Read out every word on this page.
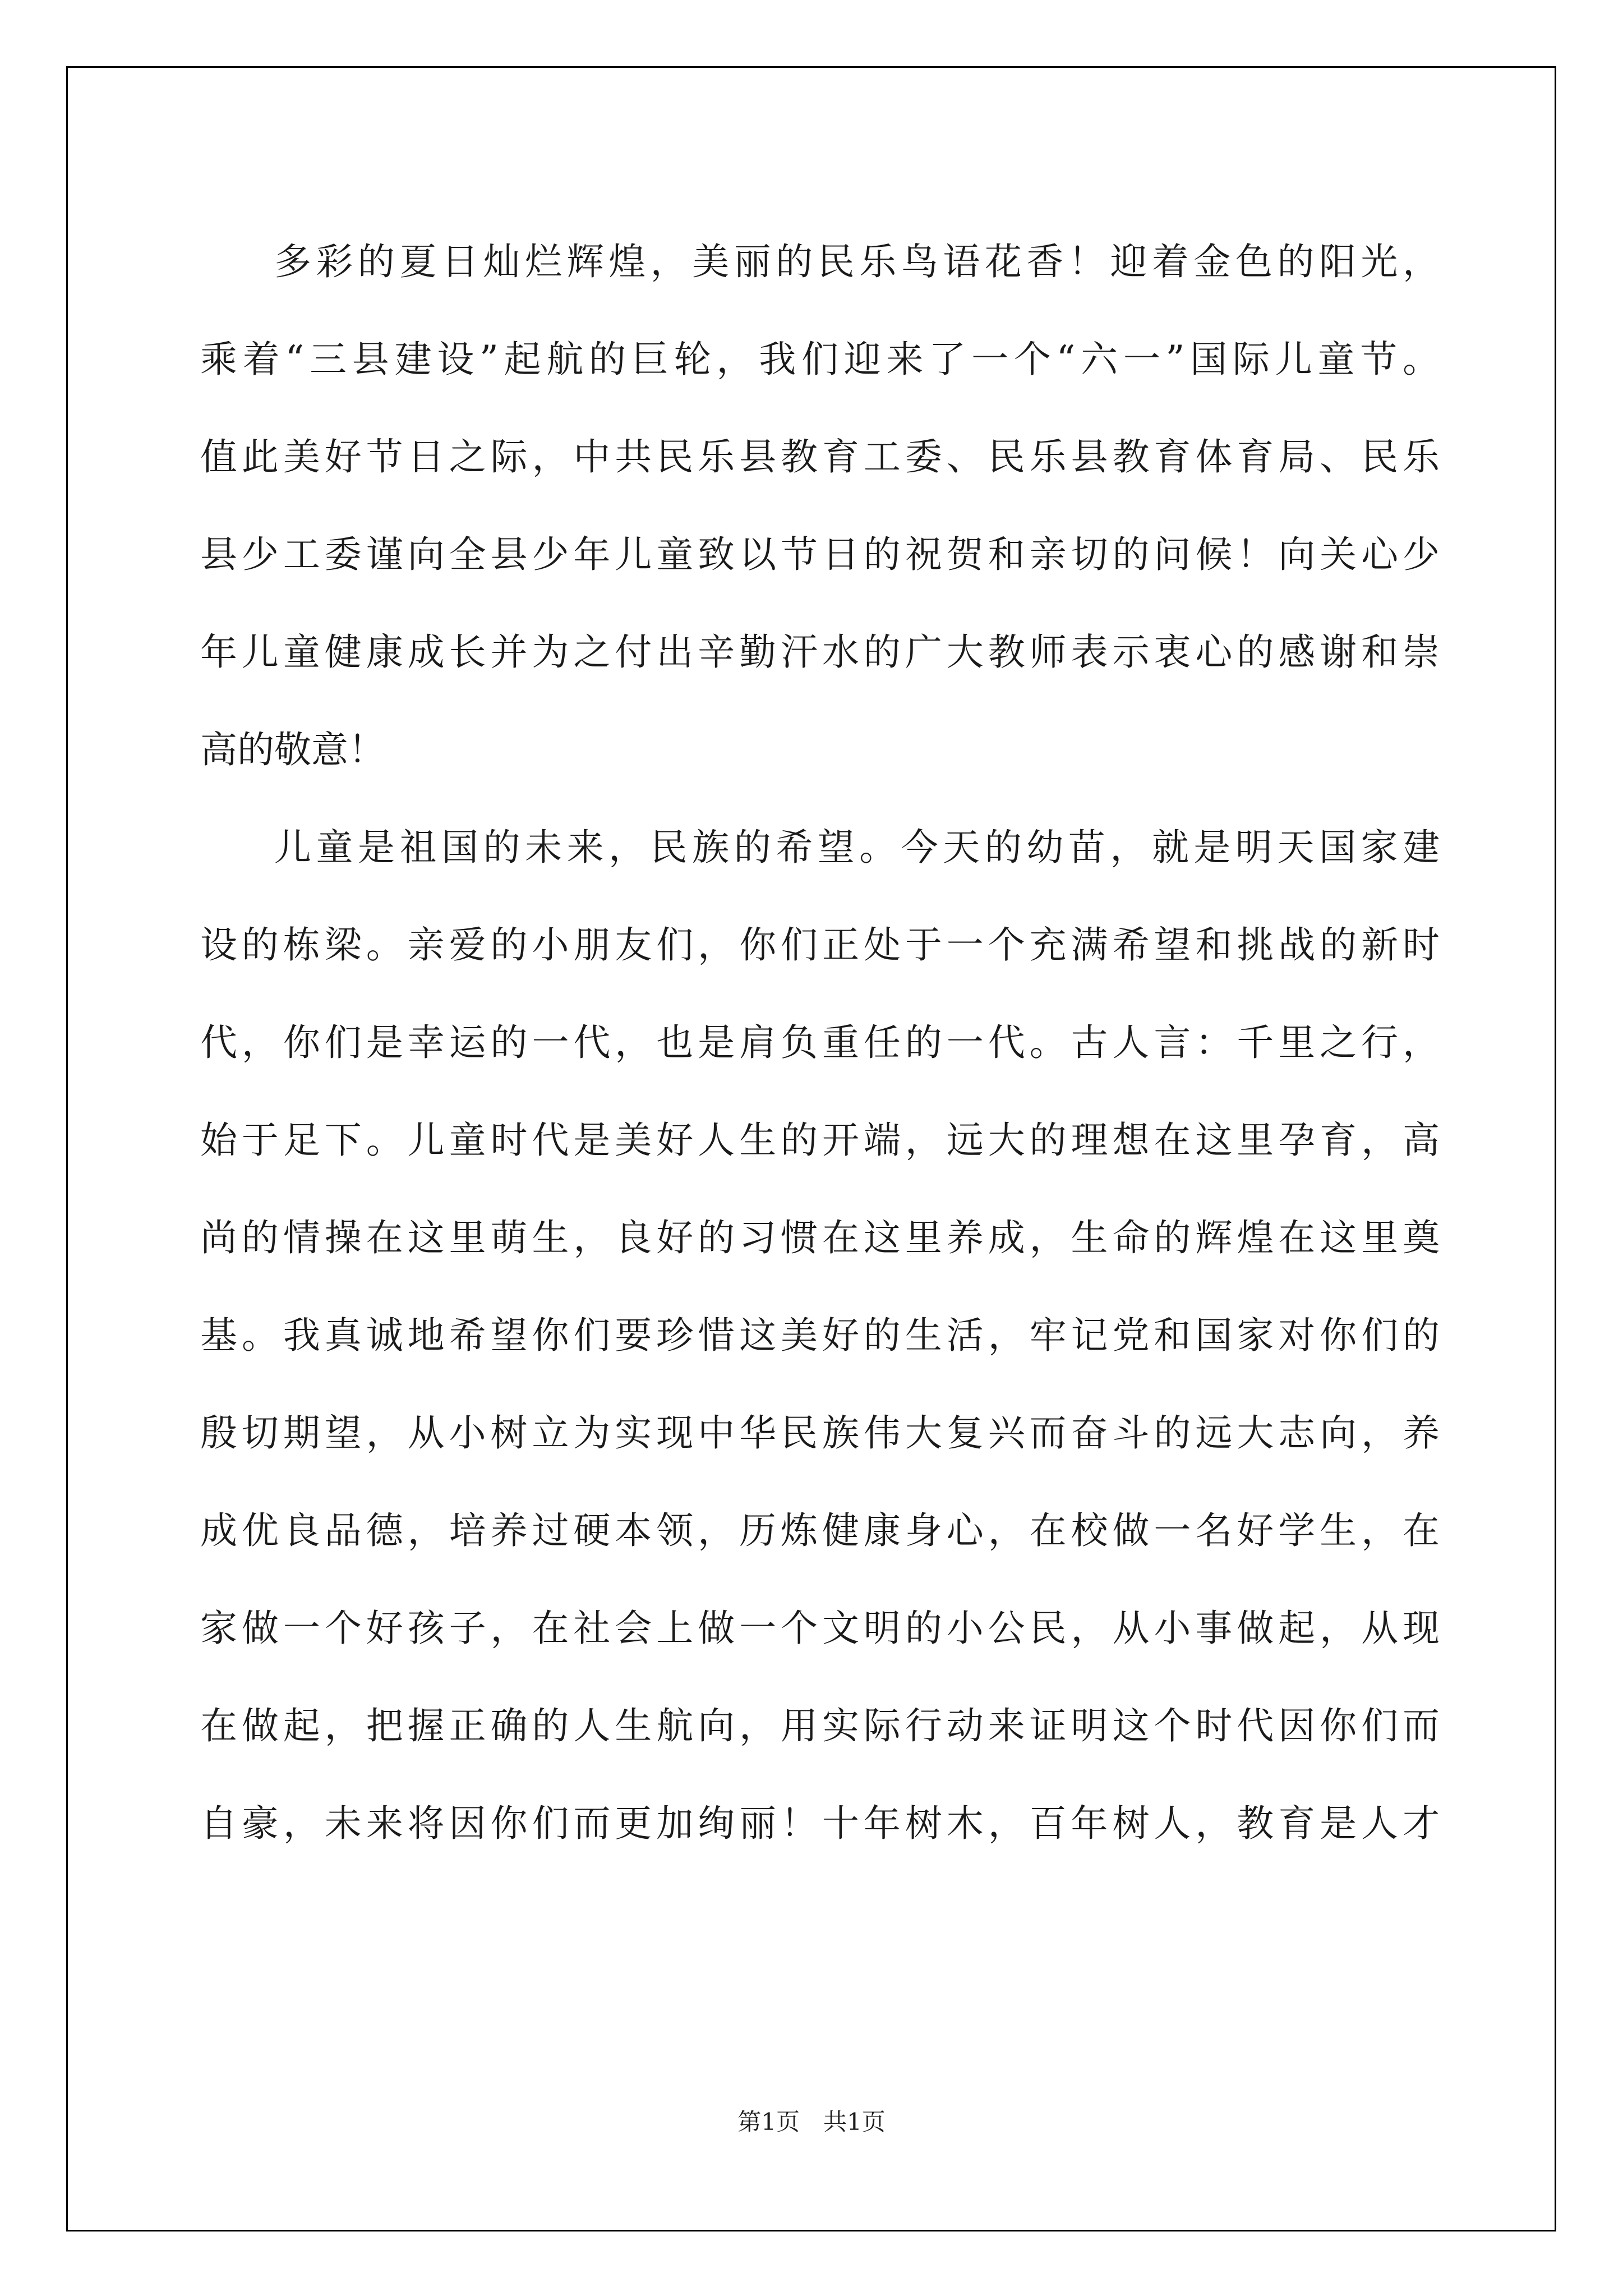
多彩的夏日灿烂辉煌，美丽的民乐鸟语花香！迎着金色的阳光，
乘着“三县建设”起航的巨轮，我们迎来了一个“六一”国际儿童节。
值此美好节日之际，中共民乐县教育工委、民乐县教育体育局、民乐
县少工委谨向全县少年儿童致以节日的祝贺和亲切的问候！向关心少
年儿童健康成长并为之付出辛勤汗水的广大教师表示衷心的感谢和崇
高的敬意！
儿童是祖国的未来，民族的希望。今天的幼苗，就是明天国家建
设的栋梁。亲爱的小朋友们，你们正处于一个充满希望和挑战的新时
代，你们是幸运的一代，也是肩负重任的一代。古人言：千里之行，
始于足下。儿童时代是美好人生的开端，远大的理想在这里孕育，高
尚的情操在这里萌生，良好的习惯在这里养成，生命的辉煌在这里奠
基。我真诚地希望你们要珍惜这美好的生活，牢记党和国家对你们的
殷切期望，从小树立为实现中华民族伟大复兴而奋斗的远大志向，养
成优良品德，培养过硬本领，历炼健康身心，在校做一名好学生，在
家做一个好孩子，在社会上做一个文明的小公民，从小事做起，从现
在做起，把握正确的人生航向，用实际行动来证明这个时代因你们而
自豪，未来将因你们而更加绚丽！十年树木，百年树人，教育是人才
第1页　共1页
